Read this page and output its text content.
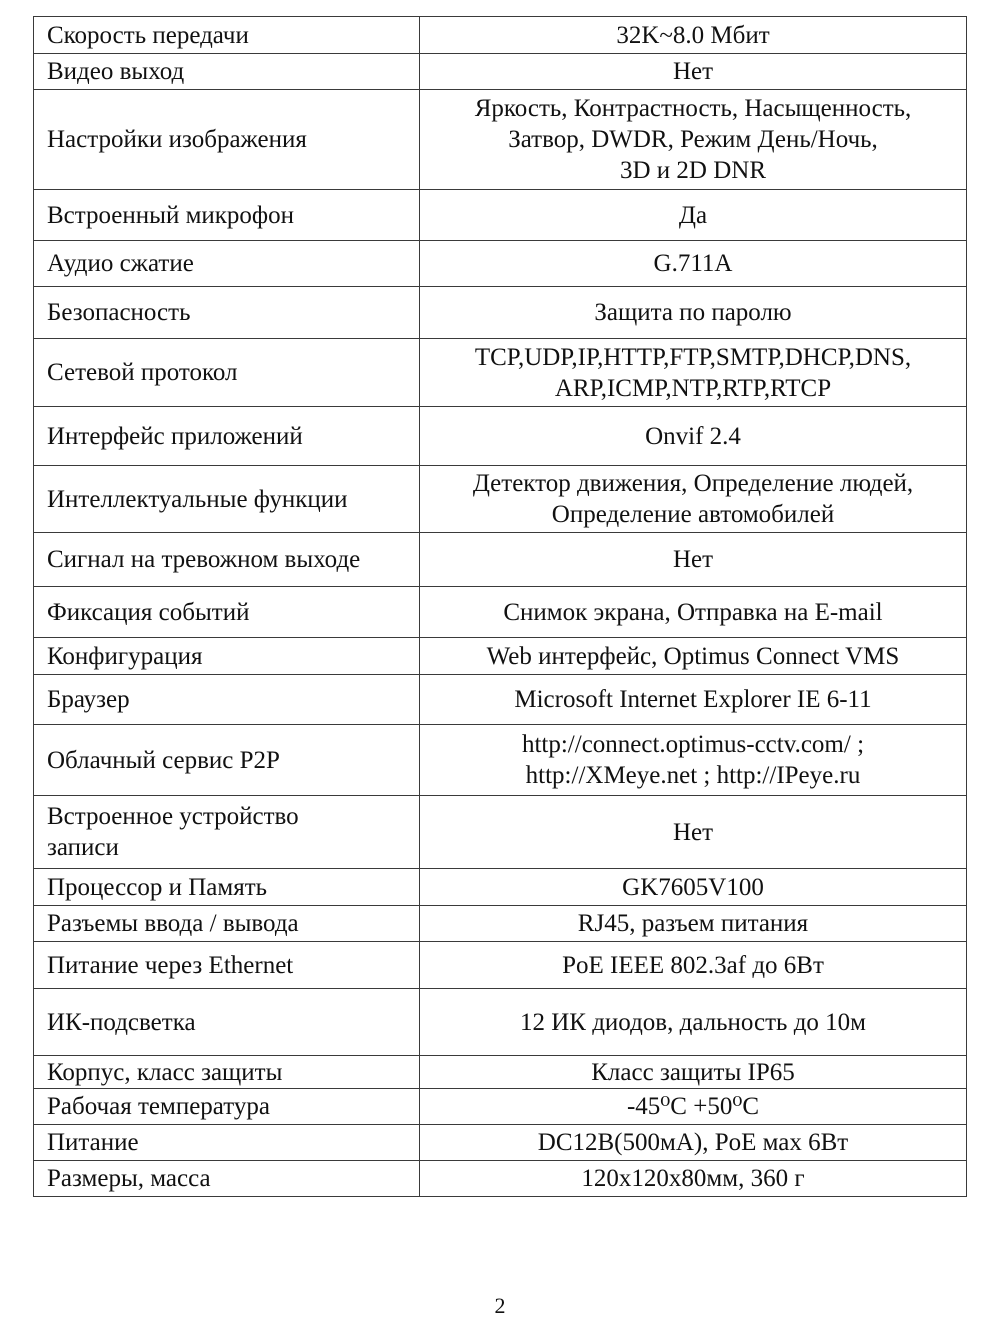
Скорость передачи	32K~8.0 Мбит

Видео выход	Нет

Настройки изображения	Яркость, Контрастность, Насыщенность,
Затвор, DWDR, Режим День/Ночь,
3D и 2D DNR

Встроенный микрофон	Да

Аудио сжатие	G.711A

Безопасность	Защита по паролю

Сетевой протокол	TCP,UDP,IP,HTTP,FTP,SMTP,DHCP,DNS,
ARP,ICMP,NTP,RTP,RTCP

Интерфейс приложений	Onvif 2.4

Интеллектуальные функции	Детектор движения, Определение людей,
Определение автомобилей

Сигнал на тревожном выходе	Нет

Фиксация событий	Снимок экрана, Отправка на E-mail

Конфигурация	Web интерфейс, Optimus Connect VMS

Браузер	Microsoft Internet Explorer IE 6-11

Облачный сервис P2P	http://connect.optimus-cctv.com/ ;
http://XMeye.net ; http://IPeye.ru

Встроенное устройство
записи	Нет

Процессор и Память	GK7605V100

Разъемы ввода / вывода	RJ45, разъем питания

Питание через Ethernet	PoE IEEE 802.3af до 6Вт

ИК-подсветка	12 ИК диодов, дальность до 10м

Корпус, класс защиты	Класс защиты IP65

Рабочая температура	-45⁰С +50⁰С

Питание	DC12В(500мА), PoE мах 6Вт

Размеры, масса	120х120х80мм, 360 г
2
